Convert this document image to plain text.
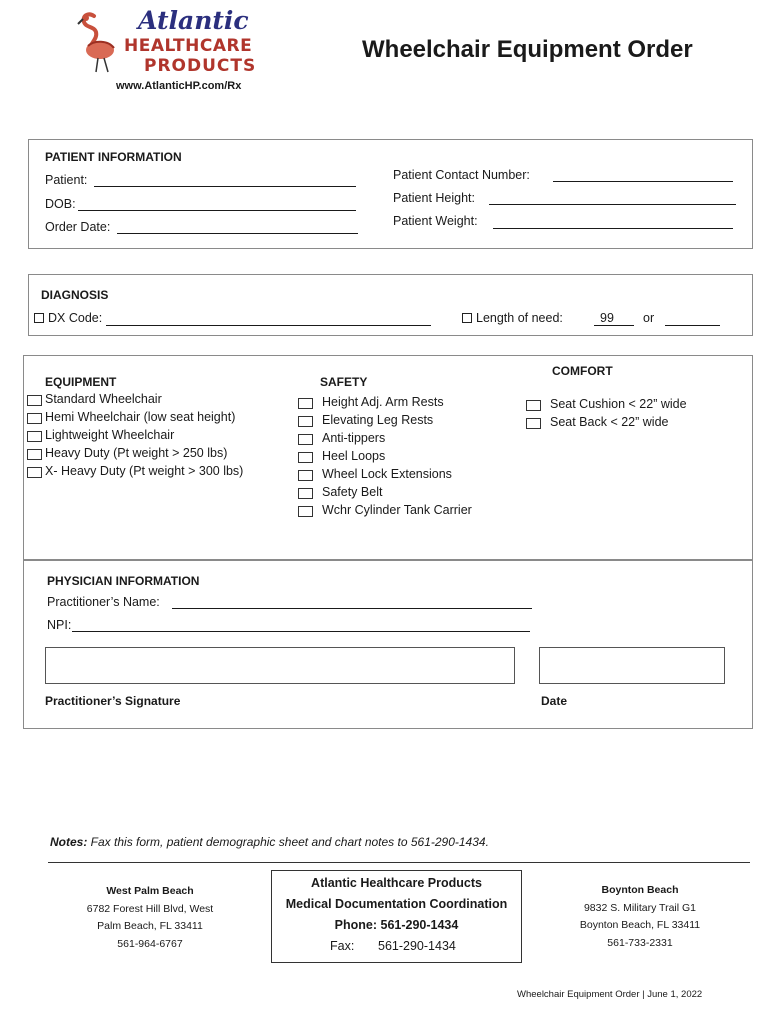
Atlantic
HEALTHCARE
PRODUCTS
www.AtlanticHP.com/Rx
Wheelchair Equipment Order
PATIENT INFORMATION
Patient:
DOB:
Order Date:
Patient Contact Number:
Patient Height:
Patient Weight:
DIAGNOSIS
DX Code:	Length of need:	99 or
EQUIPMENT
Standard Wheelchair
Hemi Wheelchair (low seat height)
Lightweight Wheelchair
Heavy Duty (Pt weight > 250 lbs)
X- Heavy Duty (Pt weight > 300 lbs)
SAFETY
Height Adj. Arm Rests
Elevating Leg Rests
Anti-tippers
Heel Loops
Wheel Lock Extensions
Safety Belt
Wchr Cylinder Tank Carrier
COMFORT
Seat Cushion < 22” wide
Seat Back < 22” wide
PHYSICIAN INFORMATION
Practitioner’s Name:
NPI:
Practitioner’s Signature	Date
Notes: Fax this form, patient demographic sheet and chart notes to 561-290-1434.
West Palm Beach
6782 Forest Hill Blvd, West
Palm Beach, FL 33411
561-964-6767
Atlantic Healthcare Products
Medical Documentation Coordination
Phone: 561-290-1434
Fax: 561-290-1434
Boynton Beach
9832 S. Military Trail G1
Boynton Beach, FL 33411
561-733-2331
Wheelchair Equipment Order | June 1, 2022
